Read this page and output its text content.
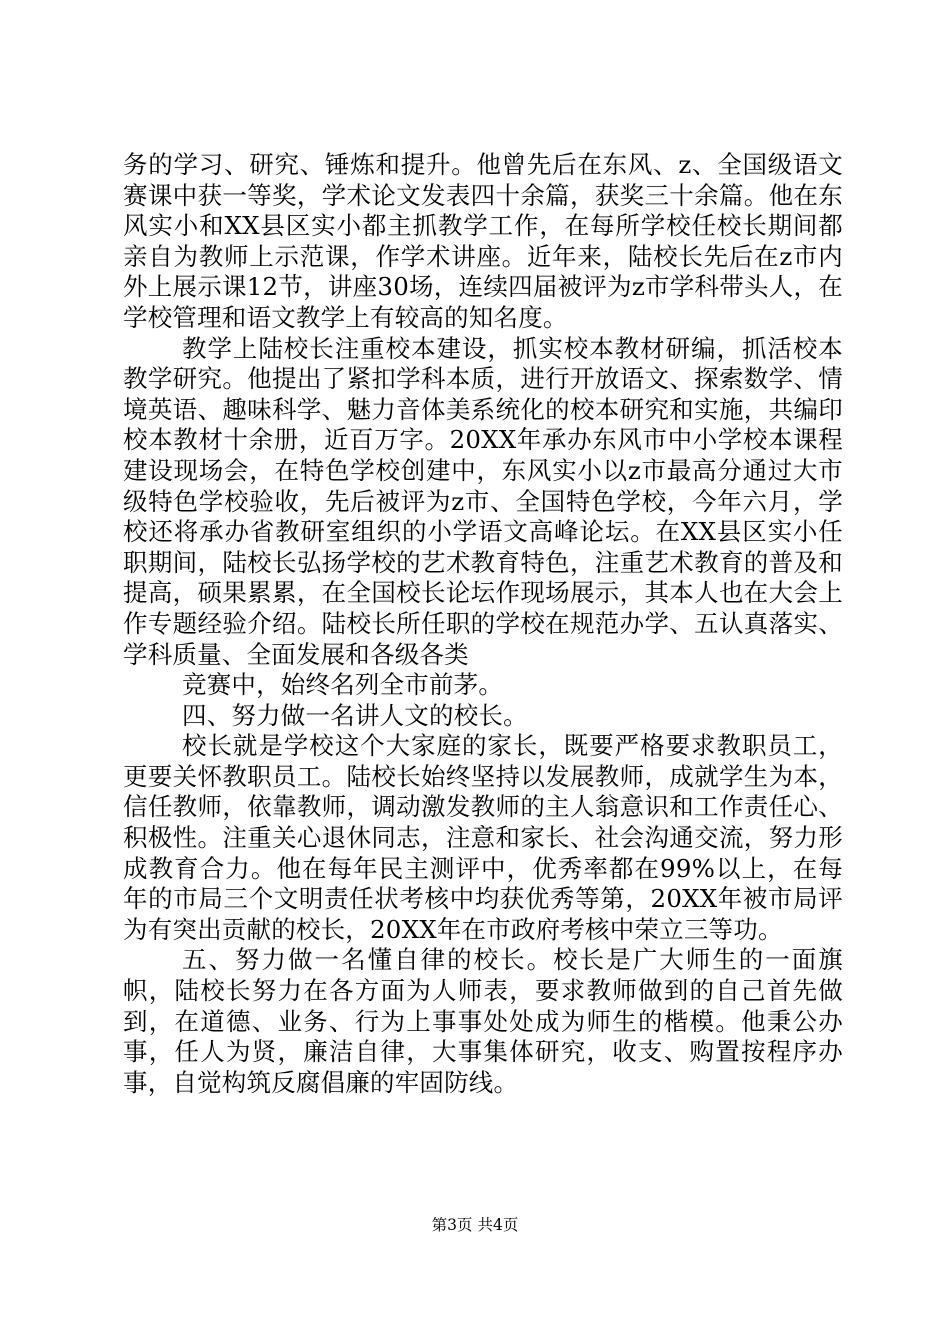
务的学习、研究、锤炼和提升。他曾先后在东风、z、全国级语文赛课中获一等奖，学术论文发表四十余篇，获奖三十余篇。他在东风实小和XX县区实小都主抓教学工作，在每所学校任校长期间都亲自为教师上示范课，作学术讲座。近年来，陆校长先后在z市内外上展示课12节，讲座30场，连续四届被评为z市学科带头人，在学校管理和语文教学上有较高的知名度。

教学上陆校长注重校本建设，抓实校本教材研编，抓活校本教学研究。他提出了紧扣学科本质，进行开放语文、探索数学、情境英语、趣味科学、魅力音体美系统化的校本研究和实施，共编印校本教材十余册，近百万字。20XX年承办东风市中小学校本课程建设现场会，在特色学校创建中，东风实小以z市最高分通过大市级特色学校验收，先后被评为z市、全国特色学校，今年六月，学校还将承办省教研室组织的小学语文高峰论坛。在XX县区实小任职期间，陆校长弘扬学校的艺术教育特色，注重艺术教育的普及和提高，硕果累累，在全国校长论坛作现场展示，其本人也在大会上作专题经验介绍。陆校长所任职的学校在规范办学、五认真落实、学科质量、全面发展和各级各类

竞赛中，始终名列全市前茅。

四、努力做一名讲人文的校长。

校长就是学校这个大家庭的家长，既要严格要求教职员工，更要关怀教职员工。陆校长始终坚持以发展教师，成就学生为本，信任教师，依靠教师，调动激发教师的主人翁意识和工作责任心、积极性。注重关心退休同志，注意和家长、社会沟通交流，努力形成教育合力。他在每年民主测评中，优秀率都在99%以上，在每年的市局三个文明责任状考核中均获优秀等第，20XX年被市局评为有突出贡献的校长，20XX年在市政府考核中荣立三等功。

五、努力做一名懂自律的校长。校长是广大师生的一面旗帜，陆校长努力在各方面为人师表，要求教师做到的自己首先做到，在道德、业务、行为上事事处处成为师生的楷模。他秉公办事，任人为贤，廉洁自律，大事集体研究，收支、购置按程序办事，自觉构筑反腐倡廉的牢固防线。

第3页 共4页
